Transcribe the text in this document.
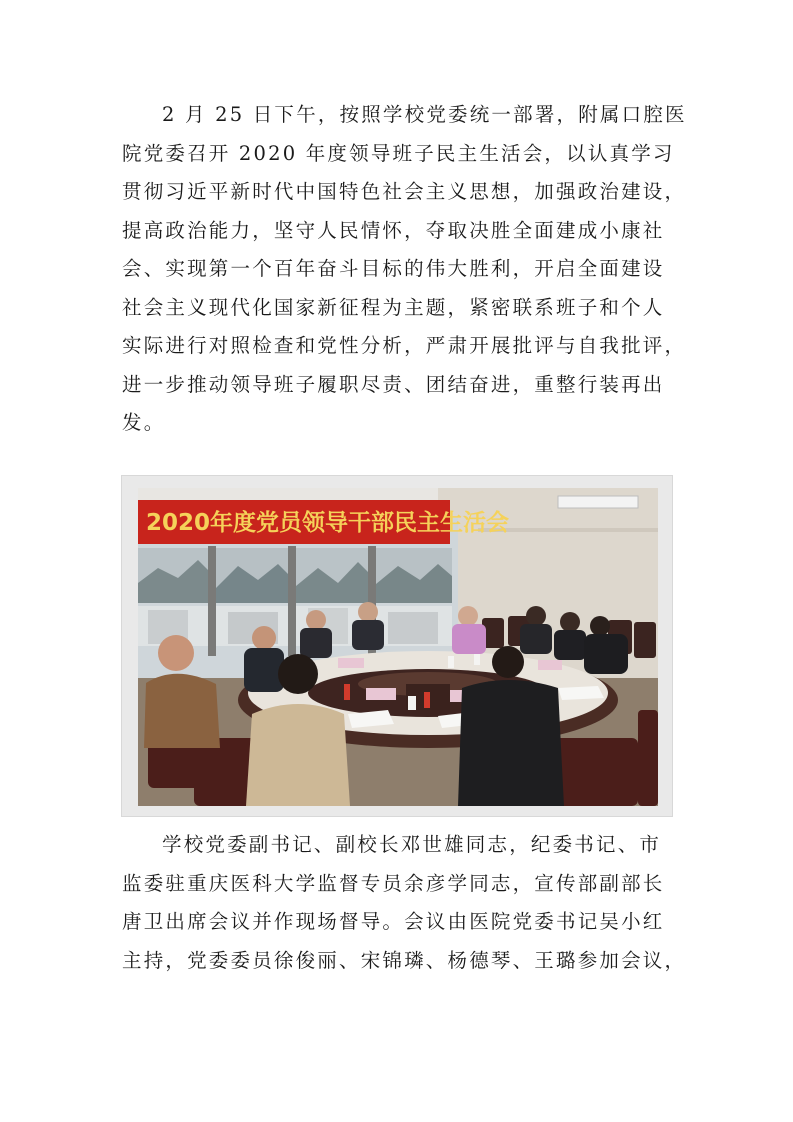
2 月 25 日下午，按照学校党委统一部署，附属口腔医
院党委召开 2020 年度领导班子民主生活会，以认真学习
贯彻习近平新时代中国特色社会主义思想，加强政治建设，
提高政治能力，坚守人民情怀，夺取决胜全面建成小康社
会、实现第一个百年奋斗目标的伟大胜利，开启全面建设
社会主义现代化国家新征程为主题，紧密联系班子和个人
实际进行对照检查和党性分析，严肃开展批评与自我批评，
进一步推动领导班子履职尽责、团结奋进，重整行装再出
发。

2020年度党员领导干部民主生活会

学校党委副书记、副校长邓世雄同志，纪委书记、市
监委驻重庆医科大学监督专员余彦学同志，宣传部副部长
唐卫出席会议并作现场督导。会议由医院党委书记吴小红
主持，党委委员徐俊丽、宋锦璘、杨德琴、王璐参加会议，
